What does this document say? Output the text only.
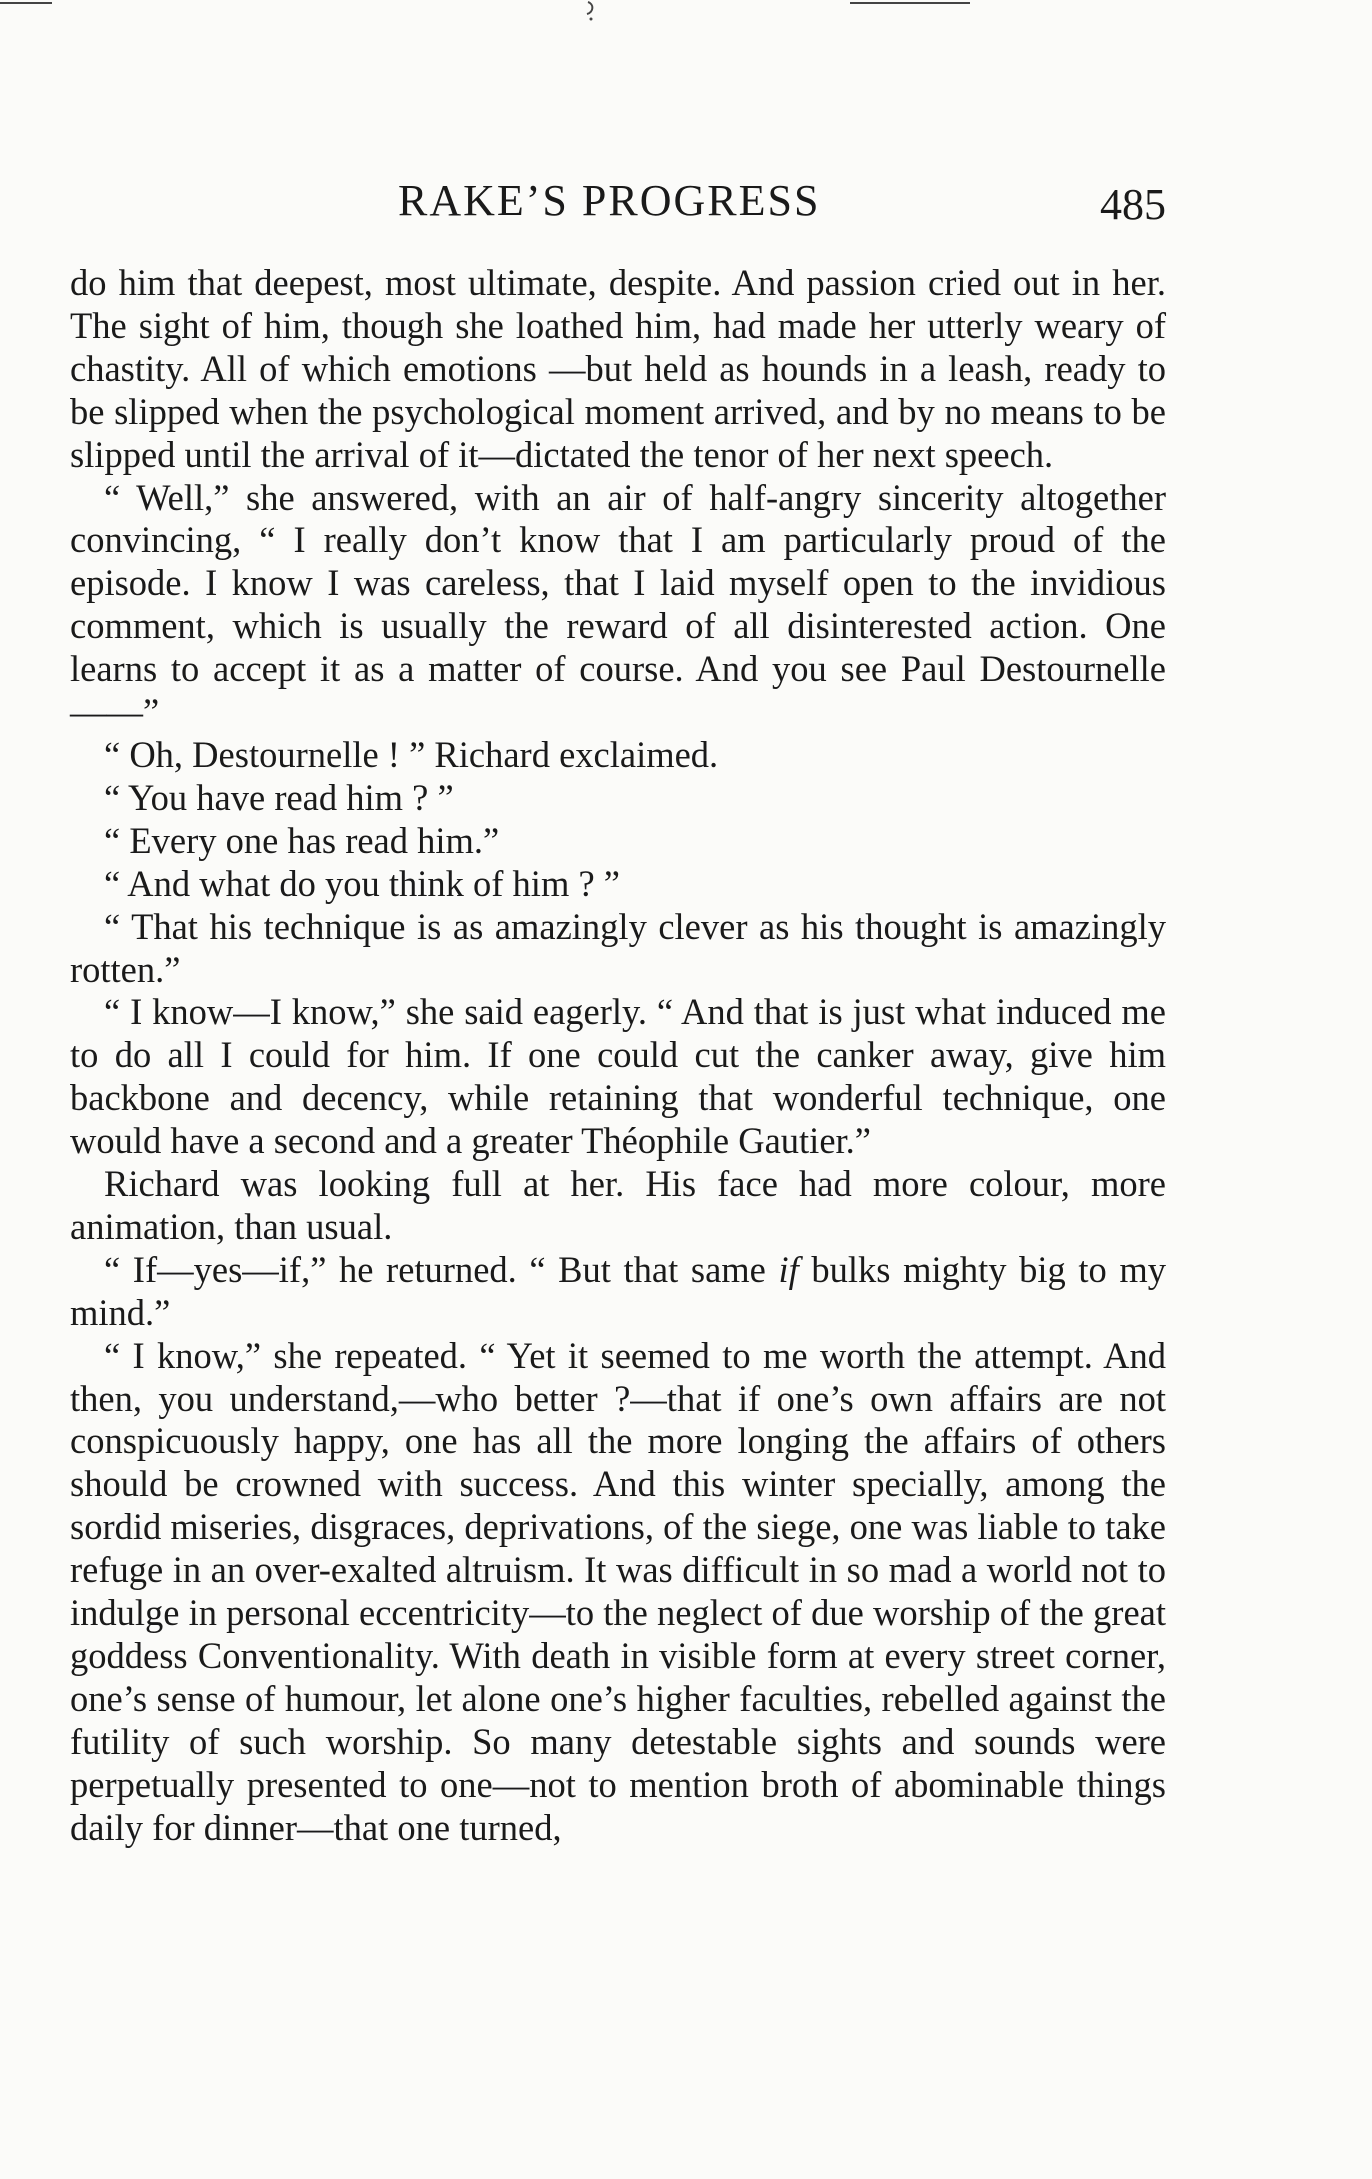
RAKE’S PROGRESS	485

do him that deepest, most ultimate, despite. And passion cried out in her. The sight of him, though she loathed him, had made her utterly weary of chastity. All of which emotions —but held as hounds in a leash, ready to be slipped when the psychological moment arrived, and by no means to be slipped until the arrival of it—dictated the tenor of her next speech.

“ Well,” she answered, with an air of half-angry sincerity altogether convincing, “ I really don’t know that I am particularly proud of the episode. I know I was careless, that I laid myself open to the invidious comment, which is usually the reward of all disinterested action. One learns to accept it as a matter of course. And you see Paul Destournelle ——”

“ Oh, Destournelle ! ” Richard exclaimed.

“ You have read him ? ”

“ Every one has read him.”

“ And what do you think of him ? ”

“ That his technique is as amazingly clever as his thought is amazingly rotten.”

“ I know—I know,” she said eagerly. “ And that is just what induced me to do all I could for him. If one could cut the canker away, give him backbone and decency, while retaining that wonderful technique, one would have a second and a greater Théophile Gautier.”

Richard was looking full at her. His face had more colour, more animation, than usual.

“ If—yes—if,” he returned. “ But that same if bulks mighty big to my mind.”

“ I know,” she repeated. “ Yet it seemed to me worth the attempt. And then, you understand,—who better ?—that if one’s own affairs are not conspicuously happy, one has all the more longing the affairs of others should be crowned with success. And this winter specially, among the sordid miseries, disgraces, deprivations, of the siege, one was liable to take refuge in an over-exalted altruism. It was difficult in so mad a world not to indulge in personal eccentricity—to the neglect of due worship of the great goddess Conventionality. With death in visible form at every street corner, one’s sense of humour, let alone one’s higher faculties, rebelled against the futility of such worship. So many detestable sights and sounds were perpetually presented to one—not to mention broth of abominable things daily for dinner—that one turned,
